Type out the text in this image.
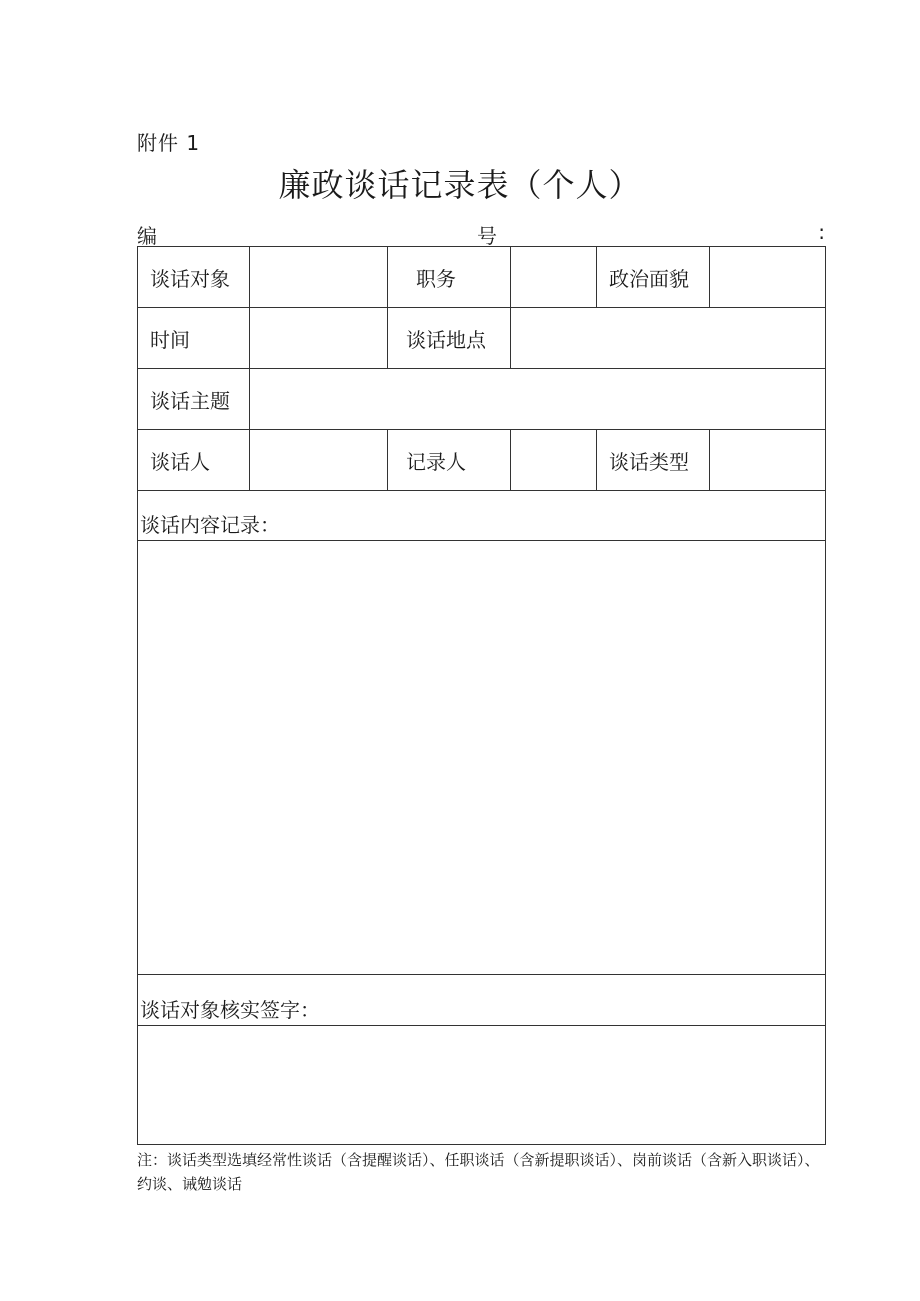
附件 1
廉政谈话记录表（个人）
编	号	:
谈话对象		职务		政治面貌	
时间		谈话地点			
谈话主题					
谈话人		记录人		谈话类型	
谈话内容记录：					

谈话对象核实签字：					

注：谈话类型选填经常性谈话（含提醒谈话）、任职谈话（含新提职谈话）、岗前谈话（含新入职谈话）、约谈、诫勉谈话
